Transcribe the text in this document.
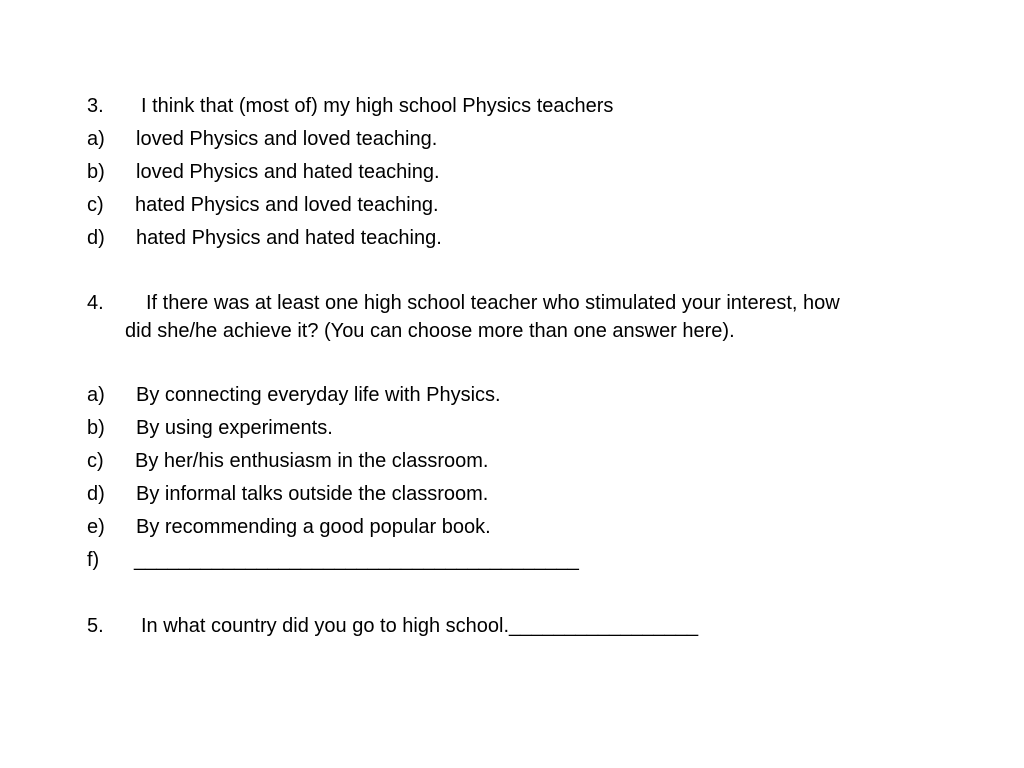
3. I think that (most of) my high school Physics teachers
a) loved Physics and loved teaching.
b) loved Physics and hated teaching.
c) hated Physics and loved teaching.
d) hated Physics and hated teaching.
4. If there was at least one high school teacher who stimulated your interest, how
did she/he achieve it? (You can choose more than one answer here).
a) By connecting everyday life with Physics.
b) By using experiments.
c) By her/his enthusiasm in the classroom.
d) By informal talks outside the classroom.
e) By recommending a good popular book.
f) ________________________________________
5. In what country did you go to high school._________________
